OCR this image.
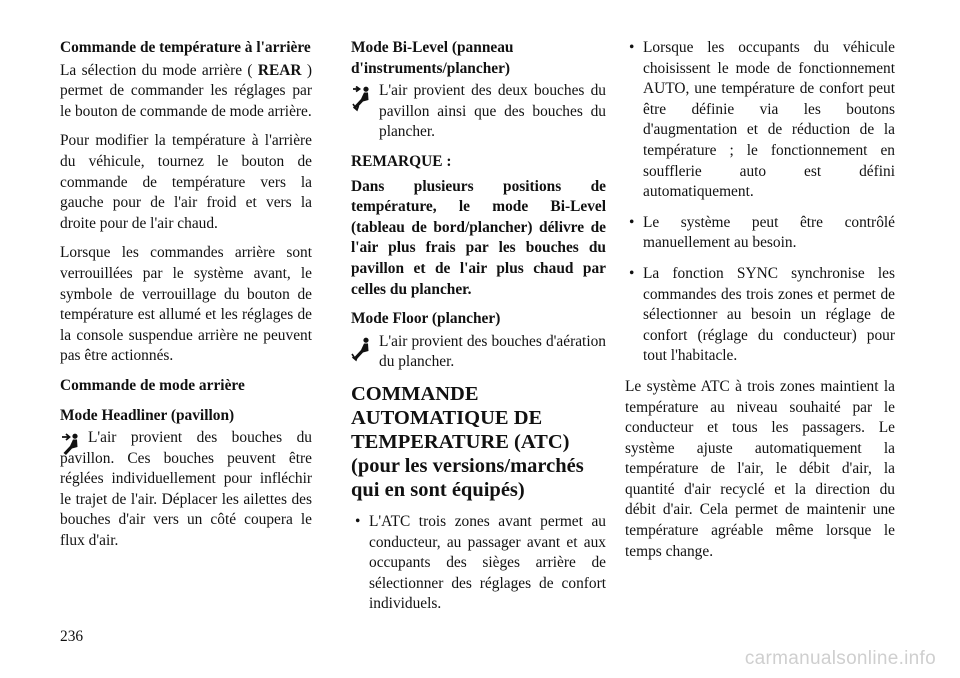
Commande de température à l'arrière

La sélection du mode arrière ( REAR ) permet de commander les réglages par le bouton de commande de mode arrière.

Pour modifier la température à l'arrière du véhicule, tournez le bouton de commande de température vers la gauche pour de l'air froid et vers la droite pour de l'air chaud.

Lorsque les commandes arrière sont verrouillées par le système avant, le symbole de verrouillage du bouton de température est allumé et les réglages de la console suspendue arrière ne peuvent pas être actionnés.

Commande de mode arrière

Mode Headliner (pavillon)

L'air provient des bouches du pavillon. Ces bouches peuvent être réglées individuellement pour infléchir le trajet de l'air. Déplacer les ailettes des bouches d'air vers un côté coupera le flux d'air.

Mode Bi-Level (panneau d'instruments/plancher)

L'air provient des deux bouches du pavillon ainsi que des bouches du plancher.

REMARQUE :

Dans plusieurs positions de température, le mode Bi-Level (tableau de bord/plancher) délivre de l'air plus frais par les bouches du pavillon et de l'air plus chaud par celles du plancher.

Mode Floor (plancher)

L'air provient des bouches d'aération du plancher.

COMMANDE AUTOMATIQUE DE TEMPERATURE (ATC) (pour les versions/marchés qui en sont équipés)
• L'ATC trois zones avant permet au conducteur, au passager avant et aux occupants des sièges arrière de sélectionner des réglages de confort individuels.
• Lorsque les occupants du véhicule choisissent le mode de fonctionnement AUTO, une température de confort peut être définie via les boutons d'augmentation et de réduction de la température ; le fonctionnement en soufflerie auto est défini automatiquement.
• Le système peut être contrôlé manuellement au besoin.
• La fonction SYNC synchronise les commandes des trois zones et permet de sélectionner au besoin un réglage de confort (réglage du conducteur) pour tout l'habitacle.

Le système ATC à trois zones maintient la température au niveau souhaité par le conducteur et tous les passagers. Le système ajuste automatiquement la température de l'air, le débit d'air, la quantité d'air recyclé et la direction du débit d'air. Cela permet de maintenir une température agréable même lorsque le temps change.

236
carmanualsonline.info
